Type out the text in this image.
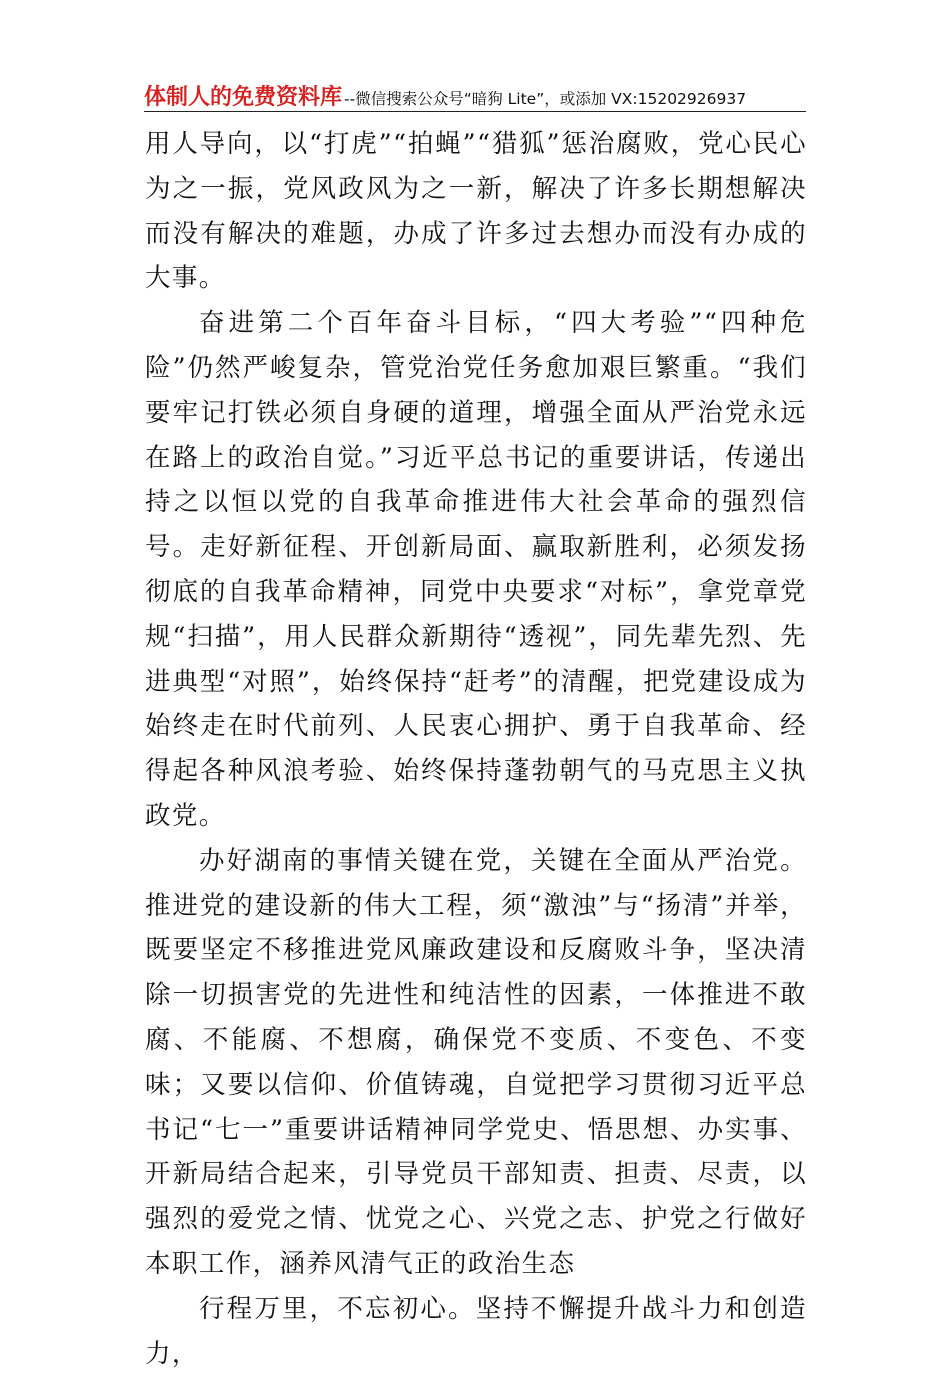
体制人的免费资料库 --微信搜索公众号“暗狗 Lite”，或添加 VX:15202926937

用人导向，以“打虎”“拍蝇”“猎狐”惩治腐败，党心民心为之一振，党风政风为之一新，解决了许多长期想解决而没有解决的难题，办成了许多过去想办而没有办成的大事。

奋进第二个百年奋斗目标，“四大考验”“四种危险”仍然严峻复杂，管党治党任务愈加艰巨繁重。“我们要牢记打铁必须自身硬的道理，增强全面从严治党永远在路上的政治自觉。”习近平总书记的重要讲话，传递出持之以恒以党的自我革命推进伟大社会革命的强烈信号。走好新征程、开创新局面、赢取新胜利，必须发扬彻底的自我革命精神，同党中央要求“对标”，拿党章党规“扫描”，用人民群众新期待“透视”，同先辈先烈、先进典型“对照”，始终保持“赶考”的清醒，把党建设成为始终走在时代前列、人民衷心拥护、勇于自我革命、经得起各种风浪考验、始终保持蓬勃朝气的马克思主义执政党。

办好湖南的事情关键在党，关键在全面从严治党。推进党的建设新的伟大工程，须“激浊”与“扬清”并举，既要坚定不移推进党风廉政建设和反腐败斗争，坚决清除一切损害党的先进性和纯洁性的因素，一体推进不敢腐、不能腐、不想腐，确保党不变质、不变色、不变味；又要以信仰、价值铸魂，自觉把学习贯彻习近平总书记“七一”重要讲话精神同学党史、悟思想、办实事、开新局结合起来，引导党员干部知责、担责、尽责，以强烈的爱党之情、忧党之心、兴党之志、护党之行做好本职工作，涵养风清气正的政治生态

行程万里，不忘初心。坚持不懈提升战斗力和创造力，
